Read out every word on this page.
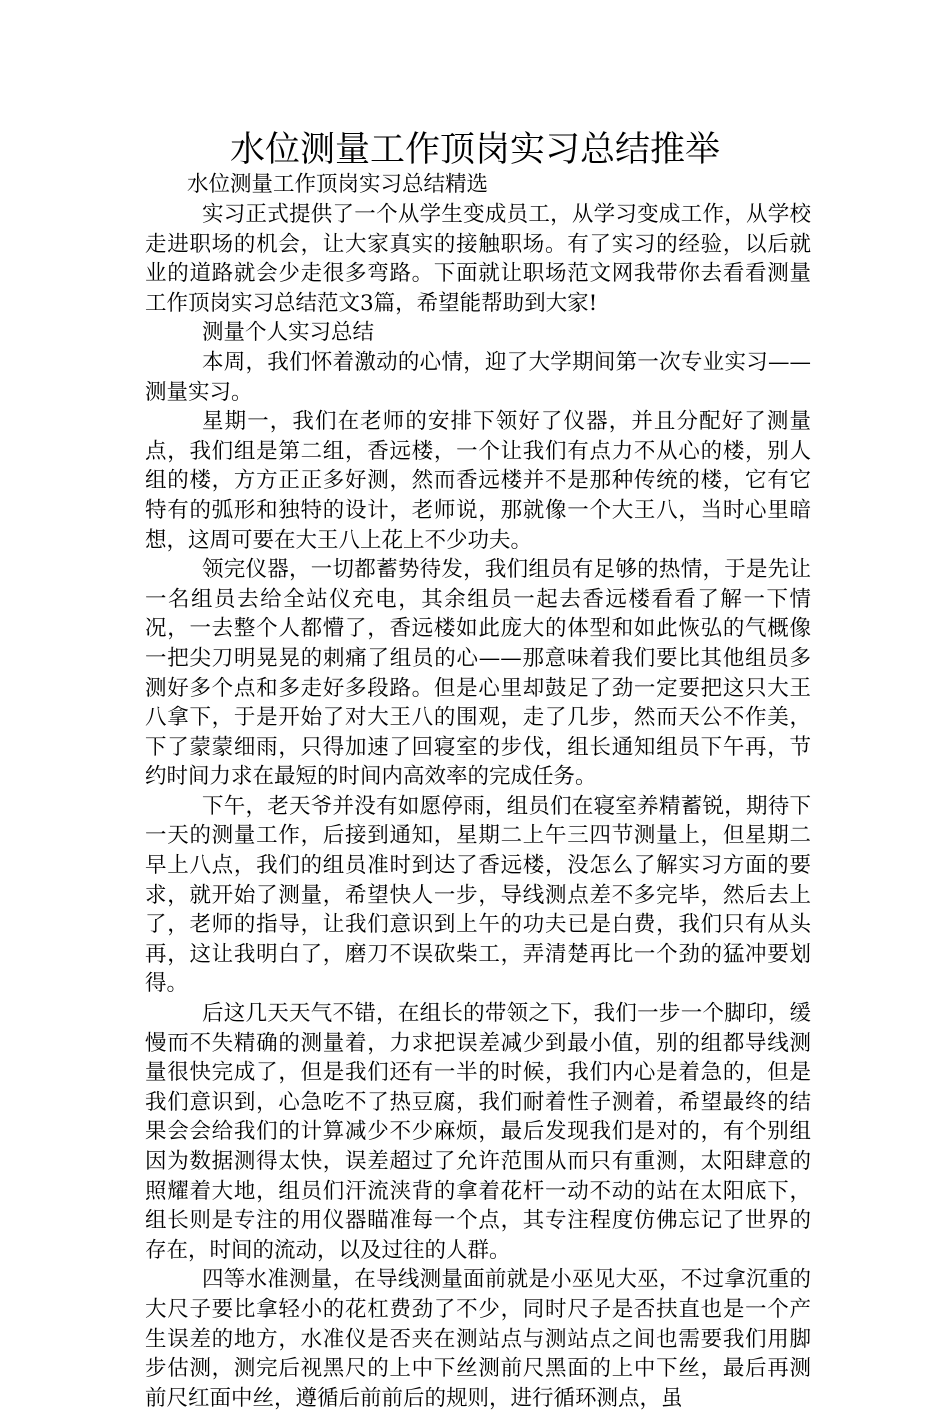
水位测量工作顶岗实习总结推举

水位测量工作顶岗实习总结精选

实习正式提供了一个从学生变成员工，从学习变成工作，从学校走进职场的机会，让大家真实的接触职场。有了实习的经验，以后就业的道路就会少走很多弯路。下面就让职场范文网我带你去看看测量工作顶岗实习总结范文3篇，希望能帮助到大家!

测量个人实习总结

本周，我们怀着激动的心情，迎了大学期间第一次专业实习——测量实习。

星期一，我们在老师的安排下领好了仪器，并且分配好了测量点，我们组是第二组，香远楼，一个让我们有点力不从心的楼，别人组的楼，方方正正多好测，然而香远楼并不是那种传统的楼，它有它特有的弧形和独特的设计，老师说，那就像一个大王八，当时心里暗想，这周可要在大王八上花上不少功夫。

领完仪器，一切都蓄势待发，我们组员有足够的热情，于是先让一名组员去给全站仪充电，其余组员一起去香远楼看看了解一下情况，一去整个人都懵了，香远楼如此庞大的体型和如此恢弘的气概像一把尖刀明晃晃的刺痛了组员的心——那意味着我们要比其他组员多测好多个点和多走好多段路。但是心里却鼓足了劲一定要把这只大王八拿下，于是开始了对大王八的围观，走了几步，然而天公不作美，下了蒙蒙细雨，只得加速了回寝室的步伐，组长通知组员下午再，节约时间力求在最短的时间内高效率的完成任务。

下午，老天爷并没有如愿停雨，组员们在寝室养精蓄锐，期待下一天的测量工作，后接到通知，星期二上午三四节测量上，但星期二早上八点，我们的组员准时到达了香远楼，没怎么了解实习方面的要求，就开始了测量，希望快人一步，导线测点差不多完毕，然后去上了，老师的指导，让我们意识到上午的功夫已是白费，我们只有从头再，这让我明白了，磨刀不误砍柴工，弄清楚再比一个劲的猛冲要划得。

后这几天天气不错，在组长的带领之下，我们一步一个脚印，缓慢而不失精确的测量着，力求把误差减少到最小值，别的组都导线测量很快完成了，但是我们还有一半的时候，我们内心是着急的，但是我们意识到，心急吃不了热豆腐，我们耐着性子测着，希望最终的结果会会给我们的计算减少不少麻烦，最后发现我们是对的，有个别组因为数据测得太快，误差超过了允许范围从而只有重测，太阳肆意的照耀着大地，组员们汗流浃背的拿着花杆一动不动的站在太阳底下，组长则是专注的用仪器瞄准每一个点，其专注程度仿佛忘记了世界的存在，时间的流动，以及过往的人群。

四等水准测量，在导线测量面前就是小巫见大巫，不过拿沉重的大尺子要比拿轻小的花杠费劲了不少，同时尺子是否扶直也是一个产生误差的地方，水准仪是否夹在测站点与测站点之间也需要我们用脚步估测，测完后视黑尺的上中下丝测前尺黑面的上中下丝，最后再测前尺红面中丝，遵循后前前后的规则，进行循环测点，虽
